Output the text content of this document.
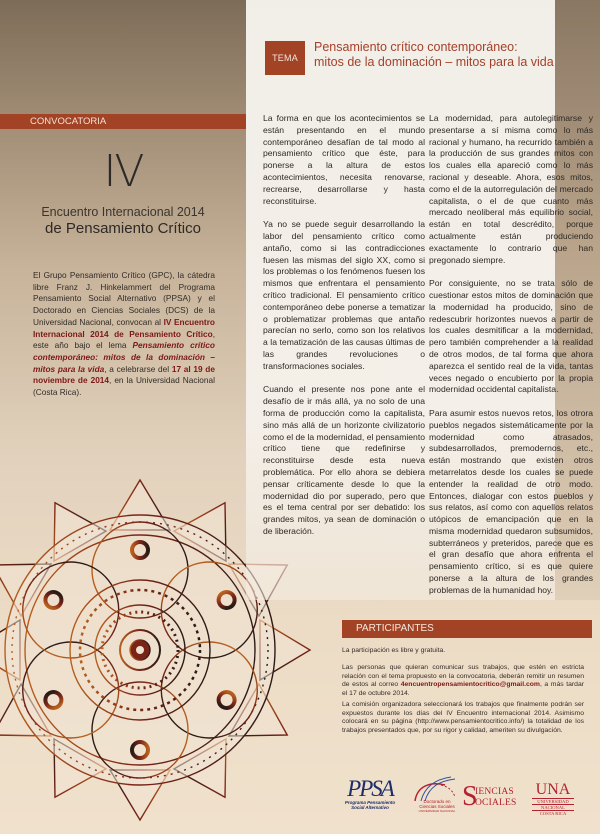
CONVOCATORIA
IV
Encuentro Internacional 2014
de Pensamiento Crítico
El Grupo Pensamiento Crítico (GPC), la cátedra libre Franz J. Hinkelammert del Programa Pensamiento Social Alternativo (PPSA) y el Doctorado en Ciencias Sociales (DCS) de la Universidad Nacional, convocan al IV Encuentro Internacional 2014 de Pensamiento Crítico, este año bajo el lema Pensamiento crítico contemporáneo: mitos de la dominación – mitos para la vida, a celebrarse del 17 al 19 de noviembre de 2014, en la Universidad Nacional (Costa Rica).
TEMA
Pensamiento crítico contemporáneo:
mitos de la dominación – mitos para la vida

La forma en que los acontecimientos se están presentando en el mundo contemporáneo desafían de tal modo al pensamiento crítico que éste, para ponerse a la altura de estos acontecimientos, necesita renovarse, recrearse, desarrollarse y hasta reconstituirse.

Ya no se puede seguir desarrollando la labor del pensamiento crítico como antaño, como si las contradicciones fuesen las mismas del siglo XX, como si los problemas o los fenómenos fuesen los mismos que enfrentara el pensamiento crítico tradicional. El pensamiento crítico contemporáneo debe ponerse a tematizar o problematizar problemas que antaño parecían no serlo, como son los relativos a la tematización de las causas últimas de las grandes revoluciones o transformaciones sociales.

Cuando el presente nos pone ante el desafío de ir más allá, ya no solo de una forma de producción como la capitalista, sino más allá de un horizonte civilizatorio como el de la modernidad, el pensamiento crítico tiene que redefinirse y reconstituirse desde esta nueva problemática. Por ello ahora se debiera pensar críticamente desde lo que la modernidad dio por superado, pero que es el tema central por ser debatido: los grandes mitos, ya sean de dominación o de liberación.

La modernidad, para autolegitimarse y presentarse a sí misma como lo más racional y humano, ha recurrido también a la producción de sus grandes mitos con los cuales ella apareció como lo más racional y deseable. Ahora, esos mitos, como el de la autorregulación del mercado capitalista, o el de que cuanto más mercado neoliberal más equilibrio social, están en total descrédito, porque actualmente están produciendo exactamente lo contrario que han pregonado siempre.

Por consiguiente, no se trata sólo de cuestionar estos mitos de dominación que la modernidad ha producido, sino de redescubrir horizontes nuevos a partir de los cuales desmitificar a la modernidad, pero también comprehender a la realidad de otros modos, de tal forma que ahora aparezca el sentido real de la vida, tantas veces negado o encubierto por la propia modernidad occidental capitalista.

Para asumir estos nuevos retos, los otrora pueblos negados sistemáticamente por la modernidad como atrasados, subdesarrollados, premodernos, etc., están mostrando que existen otros metarrelatos desde los cuales se puede entender la realidad de otro modo. Entonces, dialogar con estos pueblos y sus relatos, así como con aquellos relatos utópicos de emancipación que en la misma modernidad quedaron subsumidos, subterráneos y preteridos, parece que es el gran desafío que ahora enfrenta el pensamiento crítico, si es que quiere ponerse a la altura de los grandes problemas de la humanidad hoy.

PARTICIPANTES
La participación es libre y gratuita.
Las personas que quieran comunicar sus trabajos, que estén en estricta relación con el tema propuesto en la convocatoria, deberán remitir un resumen de estos al correo 4encuentropensamientocritico@gmail.com, a más tardar el 17 de octubre 2014.
La comisión organizadora seleccionará los trabajos que finalmente podrán ser expuestos durante los días del IV Encuentro internacional 2014. Asimismo colocará en su página (http://www.pensamientocritico.info/) la totalidad de los trabajos presentados que, por su rigor y calidad, ameriten su divulgación.
PPSA
Programa Pensamiento
Social Alternativo
Doctorado en
Ciencias Sociales
UNIVERSIDAD NACIONAL S
IENCIAS
OCIALES
UNA
UNIVERSIDAD
NACIONAL
COSTA RICA
